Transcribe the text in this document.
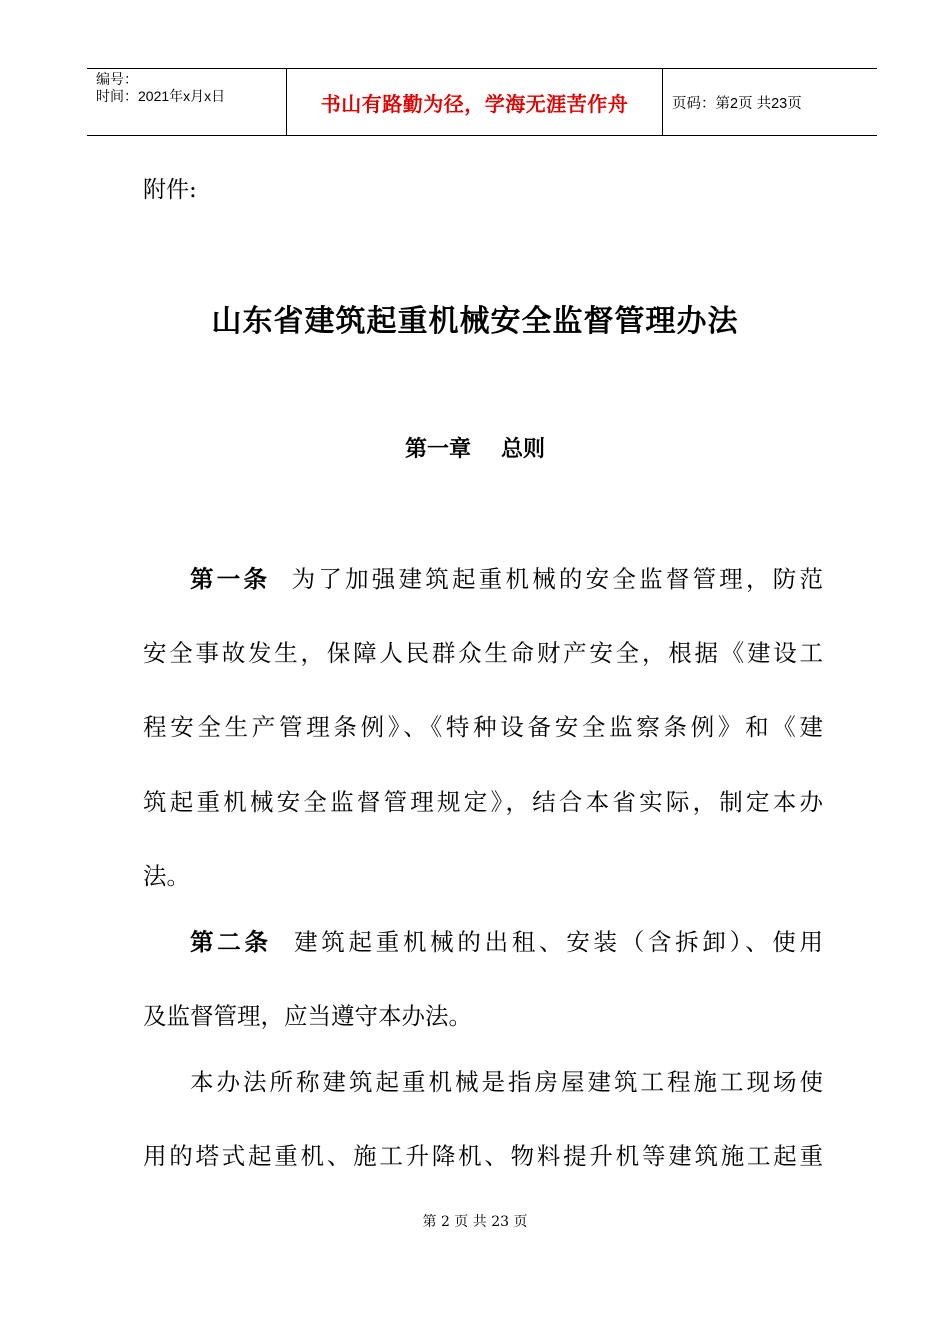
编号：
时间：2021年x月x日	书山有路勤为径，学海无涯苦作舟	页码：第2页 共23页
附件:
山东省建筑起重机械安全监督管理办法
第一章 总则
第一条 为了加强建筑起重机械的安全监督管理，防范
安全事故发生，保障人民群众生命财产安全，根据《建设工
程安全生产管理条例》、《特种设备安全监察条例》和《建
筑起重机械安全监督管理规定》，结合本省实际，制定本办
法。
第二条 建筑起重机械的出租、安装（含拆卸）、使用
及监督管理，应当遵守本办法。
本办法所称建筑起重机械是指房屋建筑工程施工现场使
用的塔式起重机、施工升降机、物料提升机等建筑施工起重
第 2 页 共 23 页
